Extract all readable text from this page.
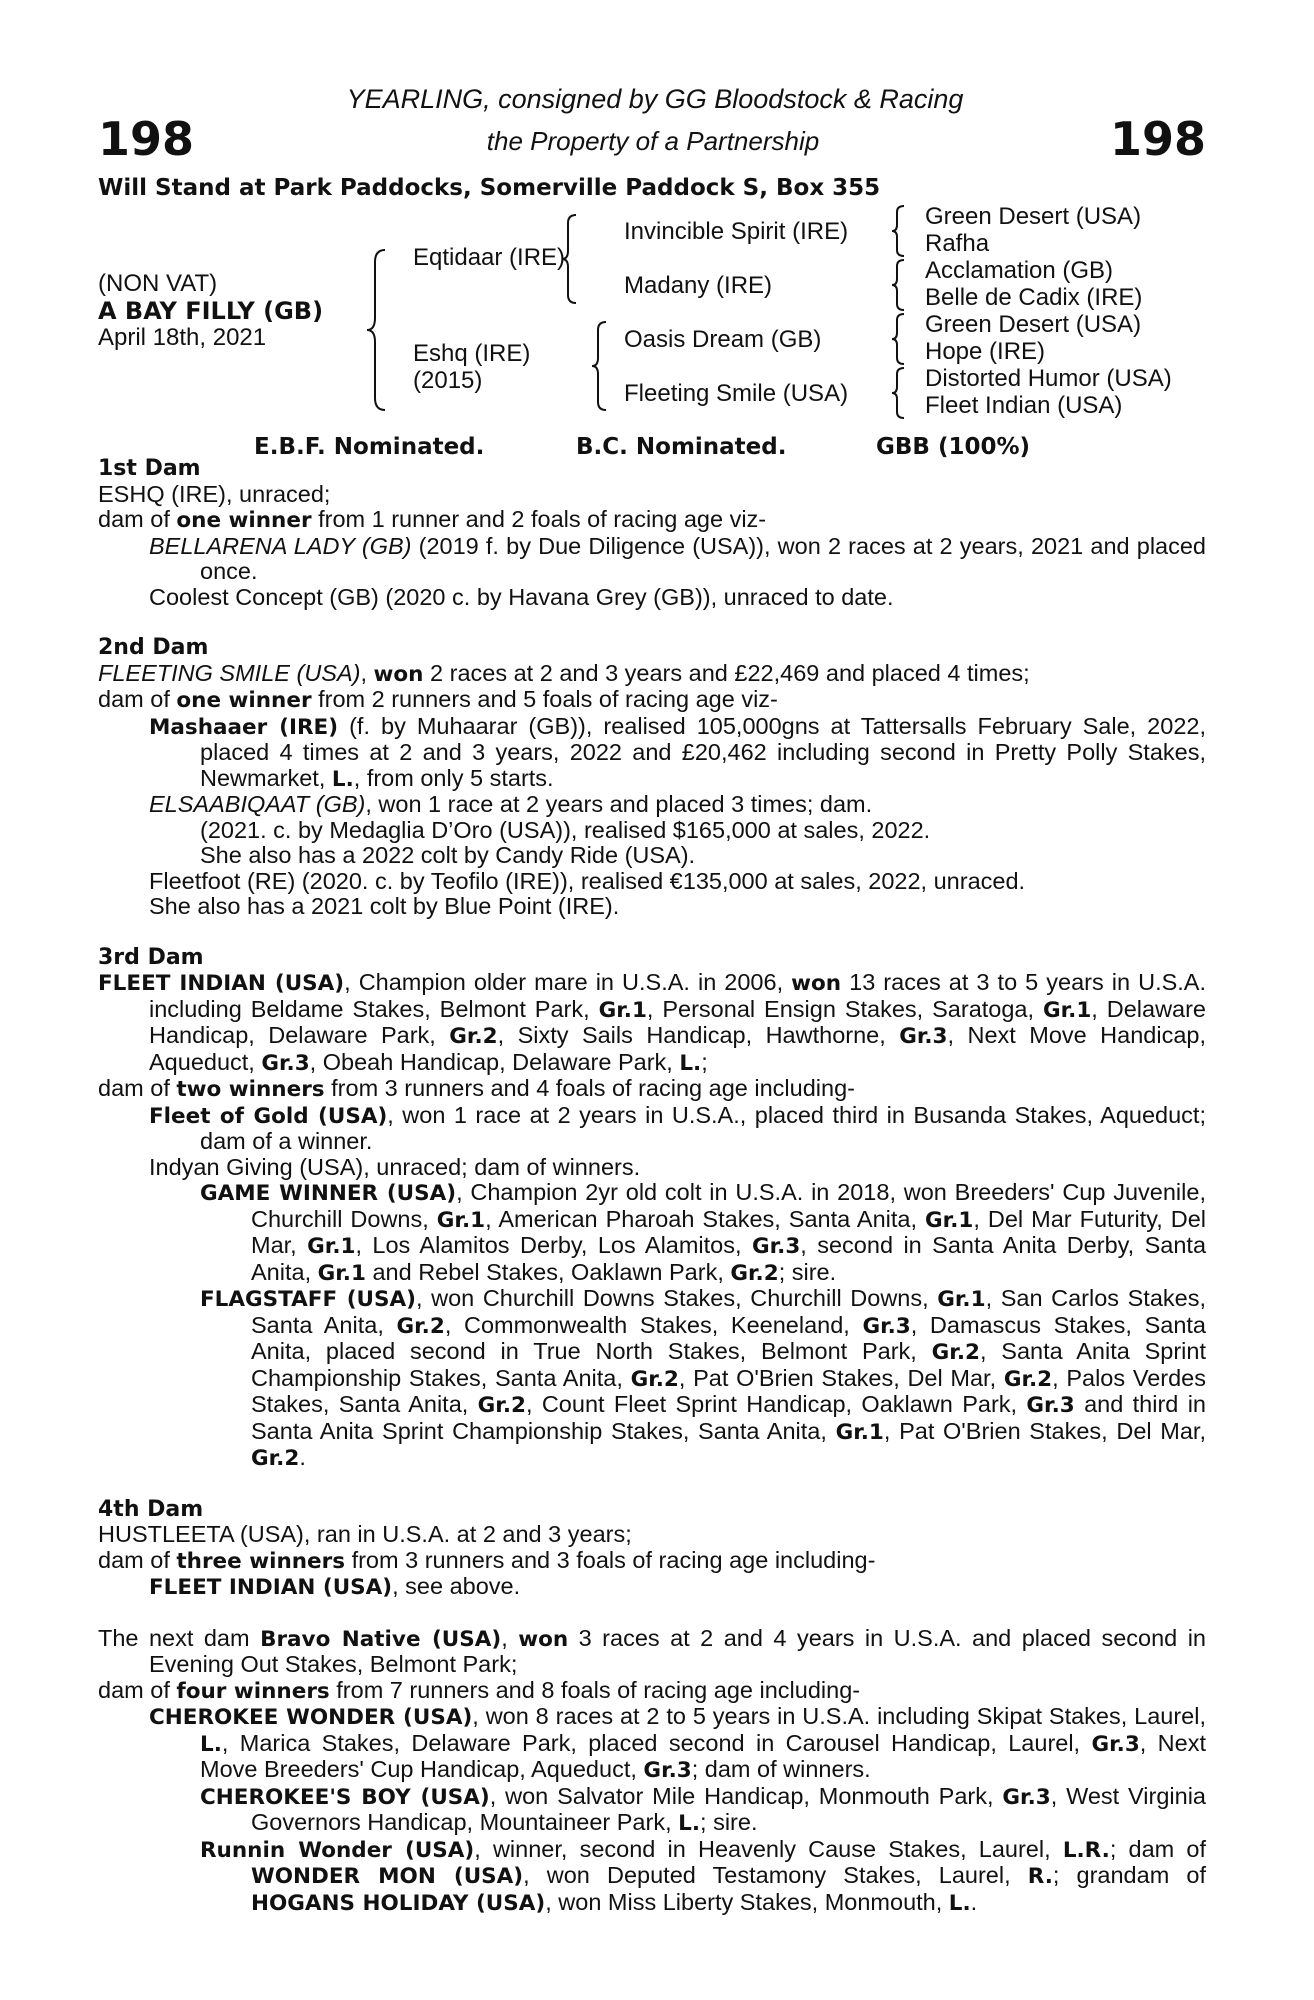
198	198
YEARLING, consigned by GG Bloodstock & Racing
the Property of a Partnership
Will Stand at Park Paddocks, Somerville Paddock S, Box 355
(NON VAT)
A BAY FILLY (GB)
April 18th, 2021
Eqtidaar (IRE)
Eshq (IRE)
(2015)
Invincible Spirit (IRE)
Madany (IRE)
Oasis Dream (GB)
Fleeting Smile (USA)
Green Desert (USA)
Rafha
Acclamation (GB)
Belle de Cadix (IRE)
Green Desert (USA)
Hope (IRE)
Distorted Humor (USA)
Fleet Indian (USA)
E.B.F. Nominated.	B.C. Nominated.	GBB (100%)
1st Dam

ESHQ (IRE), unraced;

dam of one winner from 1 runner and 2 foals of racing age viz-

BELLARENA LADY (GB) (2019 f. by Due Diligence (USA)), won 2 races at 2 years, 2021 and placed once.

Coolest Concept (GB) (2020 c. by Havana Grey (GB)), unraced to date.

2nd Dam

FLEETING SMILE (USA), won 2 races at 2 and 3 years and £22,469 and placed 4 times;

dam of one winner from 2 runners and 5 foals of racing age viz-

Mashaaer (IRE) (f. by Muhaarar (GB)), realised 105,000gns at Tattersalls February Sale, 2022, placed 4 times at 2 and 3 years, 2022 and £20,462 including second in Pretty Polly Stakes, Newmarket, L., from only 5 starts.

ELSAABIQAAT (GB), won 1 race at 2 years and placed 3 times; dam.

(2021. c. by Medaglia D’Oro (USA)), realised $165,000 at sales, 2022.

She also has a 2022 colt by Candy Ride (USA).

Fleetfoot (RE) (2020. c. by Teofilo (IRE)), realised €135,000 at sales, 2022, unraced.

She also has a 2021 colt by Blue Point (IRE).

3rd Dam

FLEET INDIAN (USA), Champion older mare in U.S.A. in 2006, won 13 races at 3 to 5 years in U.S.A. including Beldame Stakes, Belmont Park, Gr.1, Personal Ensign Stakes, Saratoga, Gr.1, Delaware Handicap, Delaware Park, Gr.2, Sixty Sails Handicap, Hawthorne, Gr.3, Next Move Handicap, Aqueduct, Gr.3, Obeah Handicap, Delaware Park, L.;

dam of two winners from 3 runners and 4 foals of racing age including-

Fleet of Gold (USA), won 1 race at 2 years in U.S.A., placed third in Busanda Stakes, Aqueduct; dam of a winner.

Indyan Giving (USA), unraced; dam of winners.

GAME WINNER (USA), Champion 2yr old colt in U.S.A. in 2018, won Breeders' Cup Juvenile, Churchill Downs, Gr.1, American Pharoah Stakes, Santa Anita, Gr.1, Del Mar Futurity, Del Mar, Gr.1, Los Alamitos Derby, Los Alamitos, Gr.3, second in Santa Anita Derby, Santa Anita, Gr.1 and Rebel Stakes, Oaklawn Park, Gr.2; sire.

FLAGSTAFF (USA), won Churchill Downs Stakes, Churchill Downs, Gr.1, San Carlos Stakes, Santa Anita, Gr.2, Commonwealth Stakes, Keeneland, Gr.3, Damascus Stakes, Santa Anita, placed second in True North Stakes, Belmont Park, Gr.2, Santa Anita Sprint Championship Stakes, Santa Anita, Gr.2, Pat O'Brien Stakes, Del Mar, Gr.2, Palos Verdes Stakes, Santa Anita, Gr.2, Count Fleet Sprint Handicap, Oaklawn Park, Gr.3 and third in Santa Anita Sprint Championship Stakes, Santa Anita, Gr.1, Pat O'Brien Stakes, Del Mar, Gr.2.

4th Dam

HUSTLEETA (USA), ran in U.S.A. at 2 and 3 years;

dam of three winners from 3 runners and 3 foals of racing age including-

FLEET INDIAN (USA), see above.

The next dam Bravo Native (USA), won 3 races at 2 and 4 years in U.S.A. and placed second in Evening Out Stakes, Belmont Park;

dam of four winners from 7 runners and 8 foals of racing age including-

CHEROKEE WONDER (USA), won 8 races at 2 to 5 years in U.S.A. including Skipat Stakes, Laurel, L., Marica Stakes, Delaware Park, placed second in Carousel Handicap, Laurel, Gr.3, Next Move Breeders' Cup Handicap, Aqueduct, Gr.3; dam of winners.

CHEROKEE'S BOY (USA), won Salvator Mile Handicap, Monmouth Park, Gr.3, West Virginia Governors Handicap, Mountaineer Park, L.; sire.

Runnin Wonder (USA), winner, second in Heavenly Cause Stakes, Laurel, L.R.; dam of WONDER MON (USA), won Deputed Testamony Stakes, Laurel, R.; grandam of HOGANS HOLIDAY (USA), won Miss Liberty Stakes, Monmouth, L..
